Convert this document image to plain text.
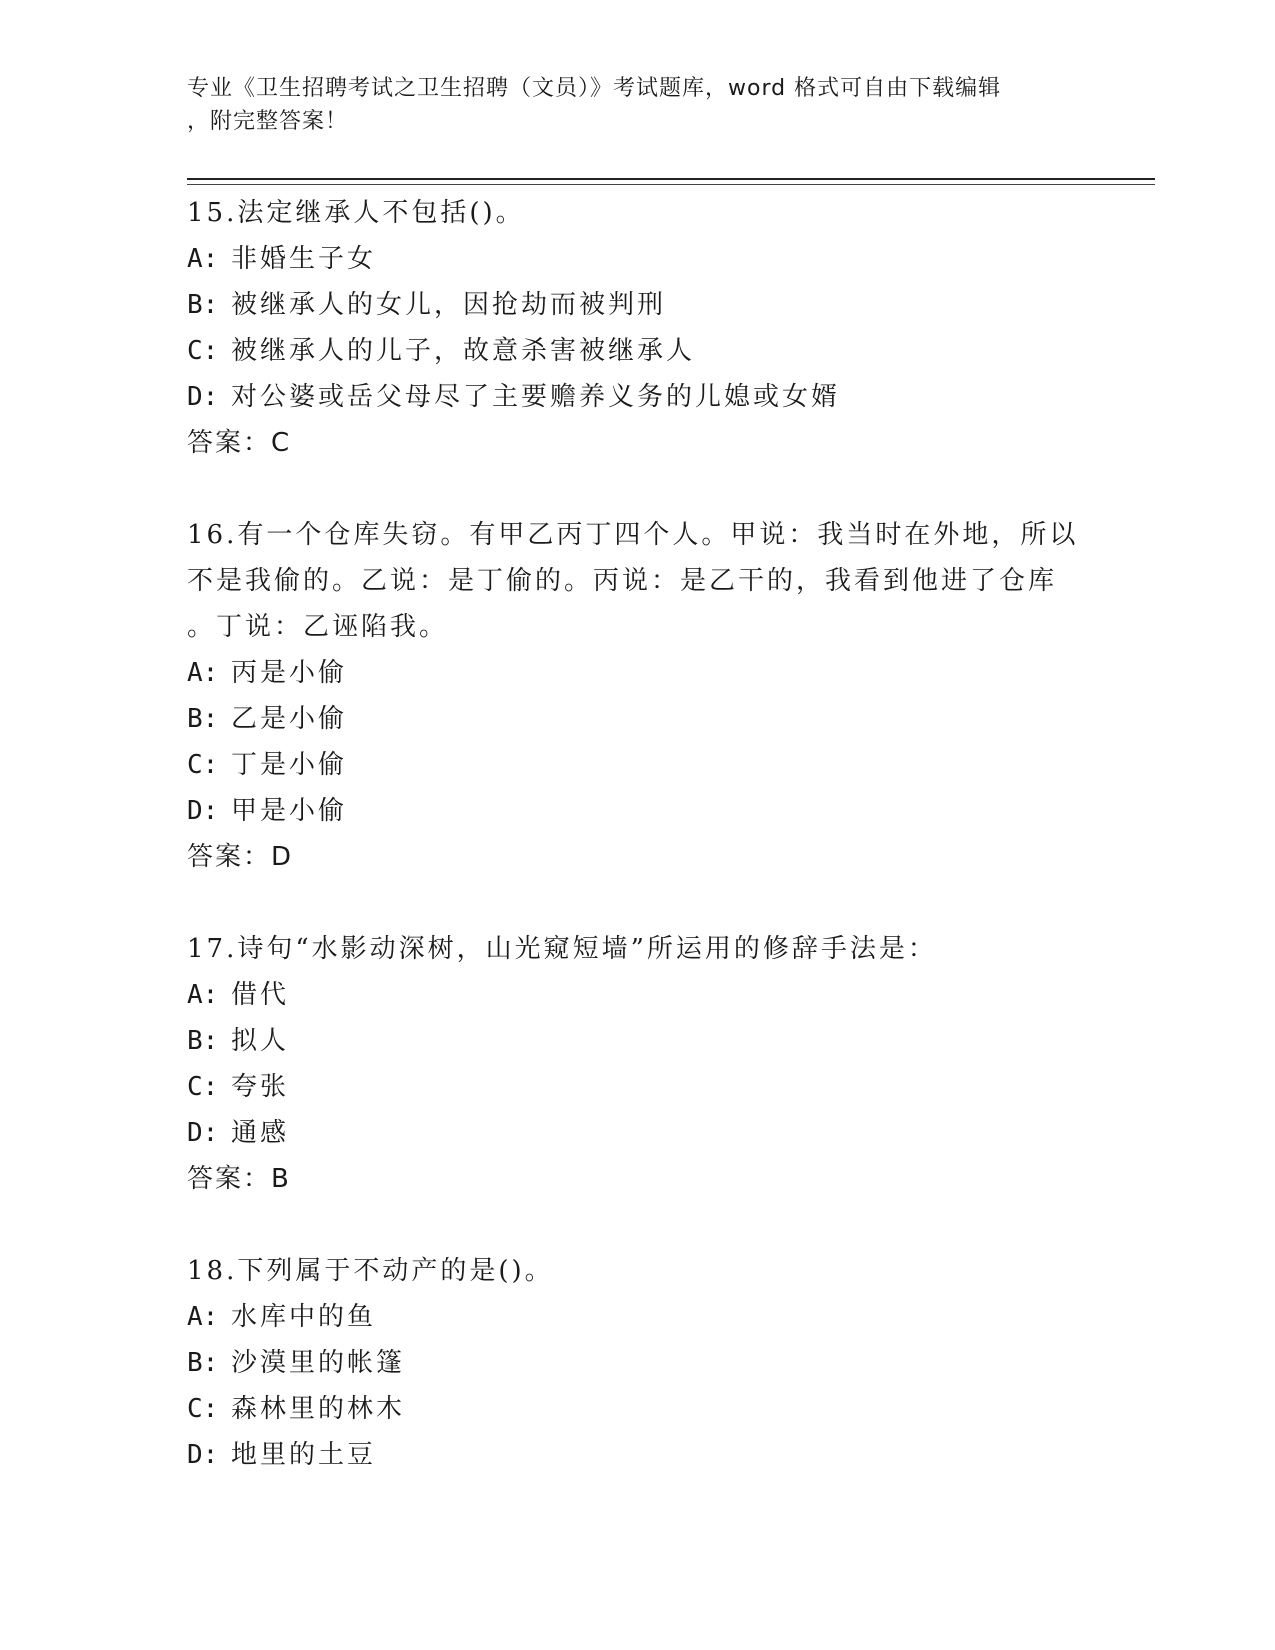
专业《卫生招聘考试之卫生招聘（文员）》考试题库，word 格式可自由下载编辑
，附完整答案！

15.法定继承人不包括()。

A: 非婚生子女

B: 被继承人的女儿，因抢劫而被判刑

C: 被继承人的儿子，故意杀害被继承人

D: 对公婆或岳父母尽了主要赡养义务的儿媳或女婿

答案：C

16.有一个仓库失窃。有甲乙丙丁四个人。甲说：我当时在外地，所以

不是我偷的。乙说：是丁偷的。丙说：是乙干的，我看到他进了仓库

。丁说：乙诬陷我。

A: 丙是小偷

B: 乙是小偷

C: 丁是小偷

D: 甲是小偷

答案：D

17.诗句“水影动深树，山光窥短墙”所运用的修辞手法是：

A: 借代

B: 拟人

C: 夸张

D: 通感

答案：B

18.下列属于不动产的是()。

A: 水库中的鱼

B: 沙漠里的帐篷

C: 森林里的林木

D: 地里的土豆
